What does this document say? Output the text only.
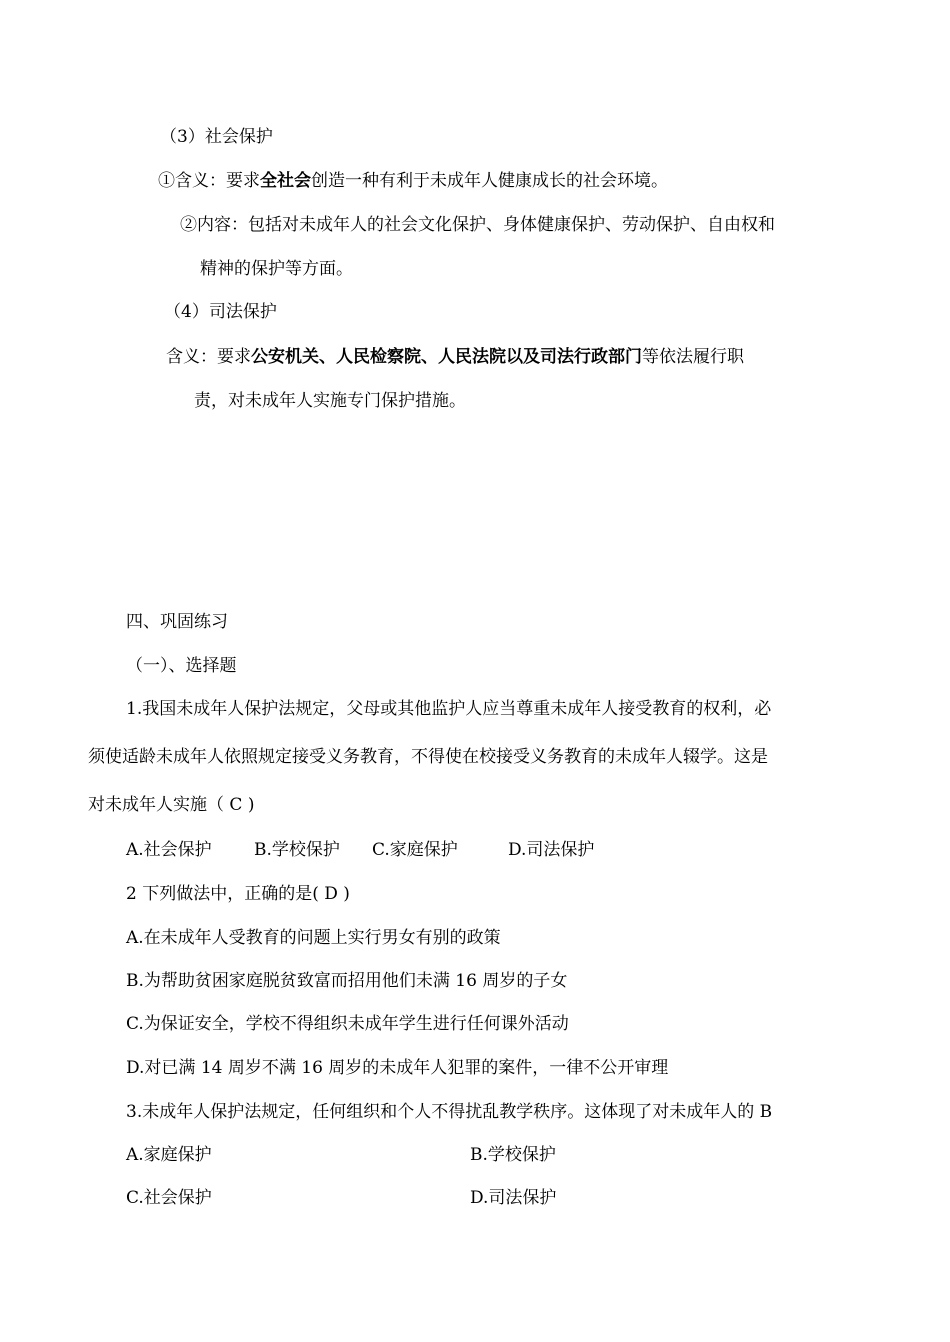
（3）社会保护
①含义：要求全社会创造一种有利于未成年人健康成长的社会环境。
②内容：包括对未成年人的社会文化保护、身体健康保护、劳动保护、自由权和
精神的保护等方面。
（4）司法保护
含义：要求公安机关、人民检察院、人民法院以及司法行政部门等依法履行职
责，对未成年人实施专门保护措施。
四、巩固练习
（一）、选择题
1.我国未成年人保护法规定，父母或其他监护人应当尊重未成年人接受教育的权利，必
须使适龄未成年人依照规定接受义务教育，不得使在校接受义务教育的未成年人辍学。这是
对未成年人实施（ C )
A.社会保护 B.学校保护 C.家庭保护	D.司法保护
2 下列做法中，正确的是( D )
A.在未成年人受教育的问题上实行男女有别的政策
B.为帮助贫困家庭脱贫致富而招用他们未满 16 周岁的子女
C.为保证安全，学校不得组织未成年学生进行任何课外活动
D.对已满 14 周岁不满 16 周岁的未成年人犯罪的案件，一律不公开审理
3.未成年人保护法规定，任何组织和个人不得扰乱教学秩序。这体现了对未成年人的 B
A.家庭保护	B.学校保护
C.社会保护	D.司法保护
